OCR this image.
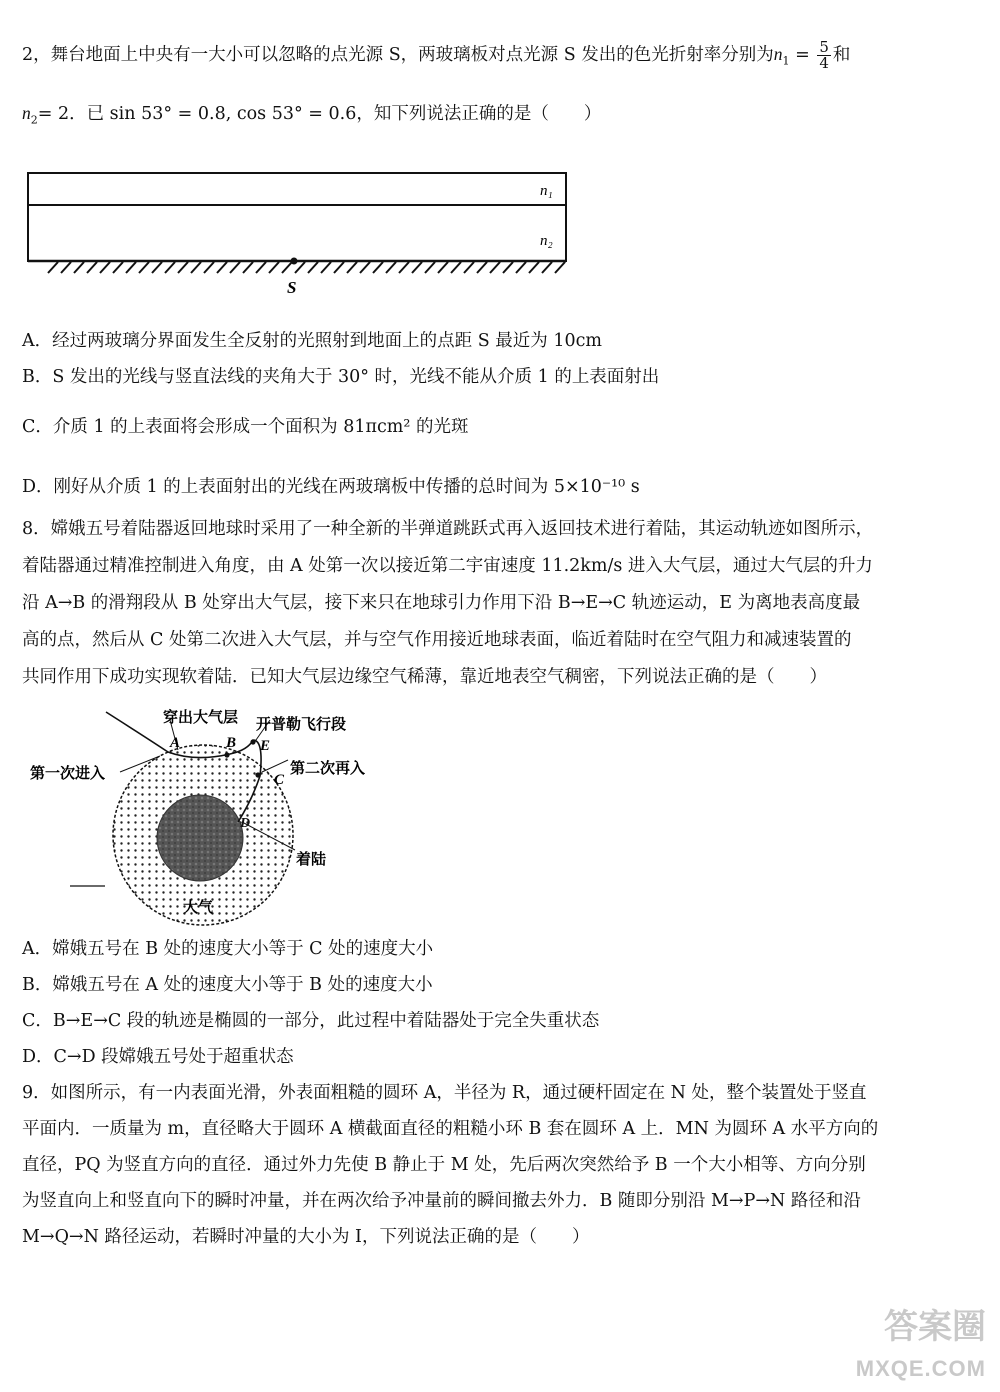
2，舞台地面上中央有一大小可以忽略的点光源 S，两玻璃板对点光源 S 发出的色光折射率分别为$n_1 = \frac{5}{4}$ 和
$n_2= 2$．已 sin 53° = 0.8, cos 53° = 0.6，知下列说法正确的是（　　）
n₁
n₂
S
A．经过两玻璃分界面发生全反射的光照射到地面上的点距 S 最近为 10cm
B．S 发出的光线与竖直法线的夹角大于 30° 时，光线不能从介质 1 的上表面射出
C．介质 1 的上表面将会形成一个面积为 81πcm² 的光斑
D．刚好从介质 1 的上表面射出的光线在两玻璃板中传播的总时间为 5×10⁻¹⁰ s
8．嫦娥五号着陆器返回地球时采用了一种全新的半弹道跳跃式再入返回技术进行着陆，其运动轨迹如图所示，
着陆器通过精准控制进入角度，由 A 处第一次以接近第二宇宙速度 11.2km/s 进入大气层，通过大气层的升力
沿 A→B 的滑翔段从 B 处穿出大气层，接下来只在地球引力作用下沿 B→E→C 轨迹运动，E 为离地表高度最
高的点，然后从 C 处第二次进入大气层，并与空气作用接近地球表面，临近着陆时在空气阻力和减速装置的
共同作用下成功实现软着陆．已知大气层边缘空气稀薄，靠近地表空气稠密，下列说法正确的是（　　）
穿出大气层 开普勒飞行段
第一次进入	第二次再入
着陆
大气
A	B E
C
D
A．嫦娥五号在 B 处的速度大小等于 C 处的速度大小
B．嫦娥五号在 A 处的速度大小等于 B 处的速度大小
C．B→E→C 段的轨迹是椭圆的一部分，此过程中着陆器处于完全失重状态
D．C→D 段嫦娥五号处于超重状态
9．如图所示，有一内表面光滑，外表面粗糙的圆环 A，半径为 R，通过硬杆固定在 N 处，整个装置处于竖直
平面内．一质量为 m，直径略大于圆环 A 横截面直径的粗糙小环 B 套在圆环 A 上．MN 为圆环 A 水平方向的
直径，PQ 为竖直方向的直径．通过外力先使 B 静止于 M 处，先后两次突然给予 B 一个大小相等、方向分别
为竖直向上和竖直向下的瞬时冲量，并在两次给予冲量前的瞬间撤去外力．B 随即分别沿 M→P→N 路径和沿
M→Q→N 路径运动，若瞬时冲量的大小为 I，下列说法正确的是（　　）
答案圈
MXQE.COM
